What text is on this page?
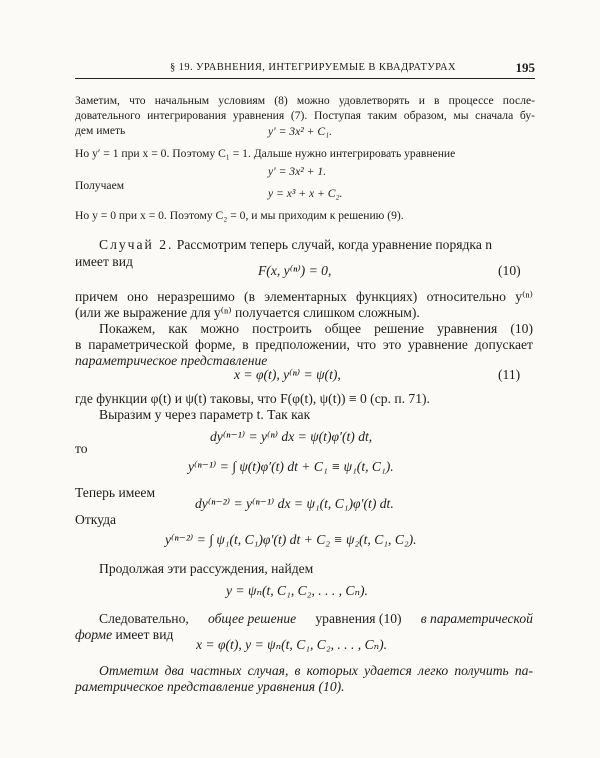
§ 19. УРАВНЕНИЯ, ИНТЕГРИРУЕМЫЕ В КВАДРАТУРАХ	195
Заметим, что начальным условиям (8) можно удовлетворять и в процессе после-
довательного интегрирования уравнения (7). Поступая таким образом, мы сначала бу-
дем иметь	y′ = 3x² + C₁.
Но y′ = 1 при x = 0. Поэтому C₁ = 1. Дальше нужно интегрировать уравнение
y′ = 3x² + 1.
Получаем
y = x³ + x + C₂.
Но y = 0 при x = 0. Поэтому C₂ = 0, и мы приходим к решению (9).
Случай 2. Рассмотрим теперь случай, когда уравнение порядка n
имеет вид
F(x, y⁽ⁿ⁾) = 0,	(10)
причем оно неразрешимо (в элементарных функциях) относительно y⁽ⁿ⁾
(или же выражение для y⁽ⁿ⁾ получается слишком сложным).
Покажем, как можно построить общее решение уравнения (10)
в параметрической форме, в предположении, что это уравнение допускает
параметрическое представление
x = φ(t), y⁽ⁿ⁾ = ψ(t),	(11)
где функции φ(t) и ψ(t) таковы, что F(φ(t), ψ(t)) ≡ 0 (ср. п. 71).
Выразим y через параметр t. Так как
dy⁽ⁿ⁻¹⁾ = y⁽ⁿ⁾ dx = ψ(t)φ′(t) dt,
то
y⁽ⁿ⁻¹⁾ = ∫ ψ(t)φ′(t) dt + C₁ ≡ ψ₁(t, C₁).
Теперь имеем
dy⁽ⁿ⁻²⁾ = y⁽ⁿ⁻¹⁾ dx = ψ₁(t, C₁)φ′(t) dt.
Откуда
y⁽ⁿ⁻²⁾ = ∫ ψ₁(t, C₁)φ′(t) dt + C₂ ≡ ψ₂(t, C₁, C₂).
Продолжая эти рассуждения, найдем
y = ψₙ(t, C₁, C₂, . . . , Cₙ).
Следовательно, общее решение уравнения (10) в параметрической
форме имеет вид
x = φ(t), y = ψₙ(t, C₁, C₂, . . . , Cₙ).
Отметим два частных случая, в которых удается легко получить па-
раметрическое представление уравнения (10).
